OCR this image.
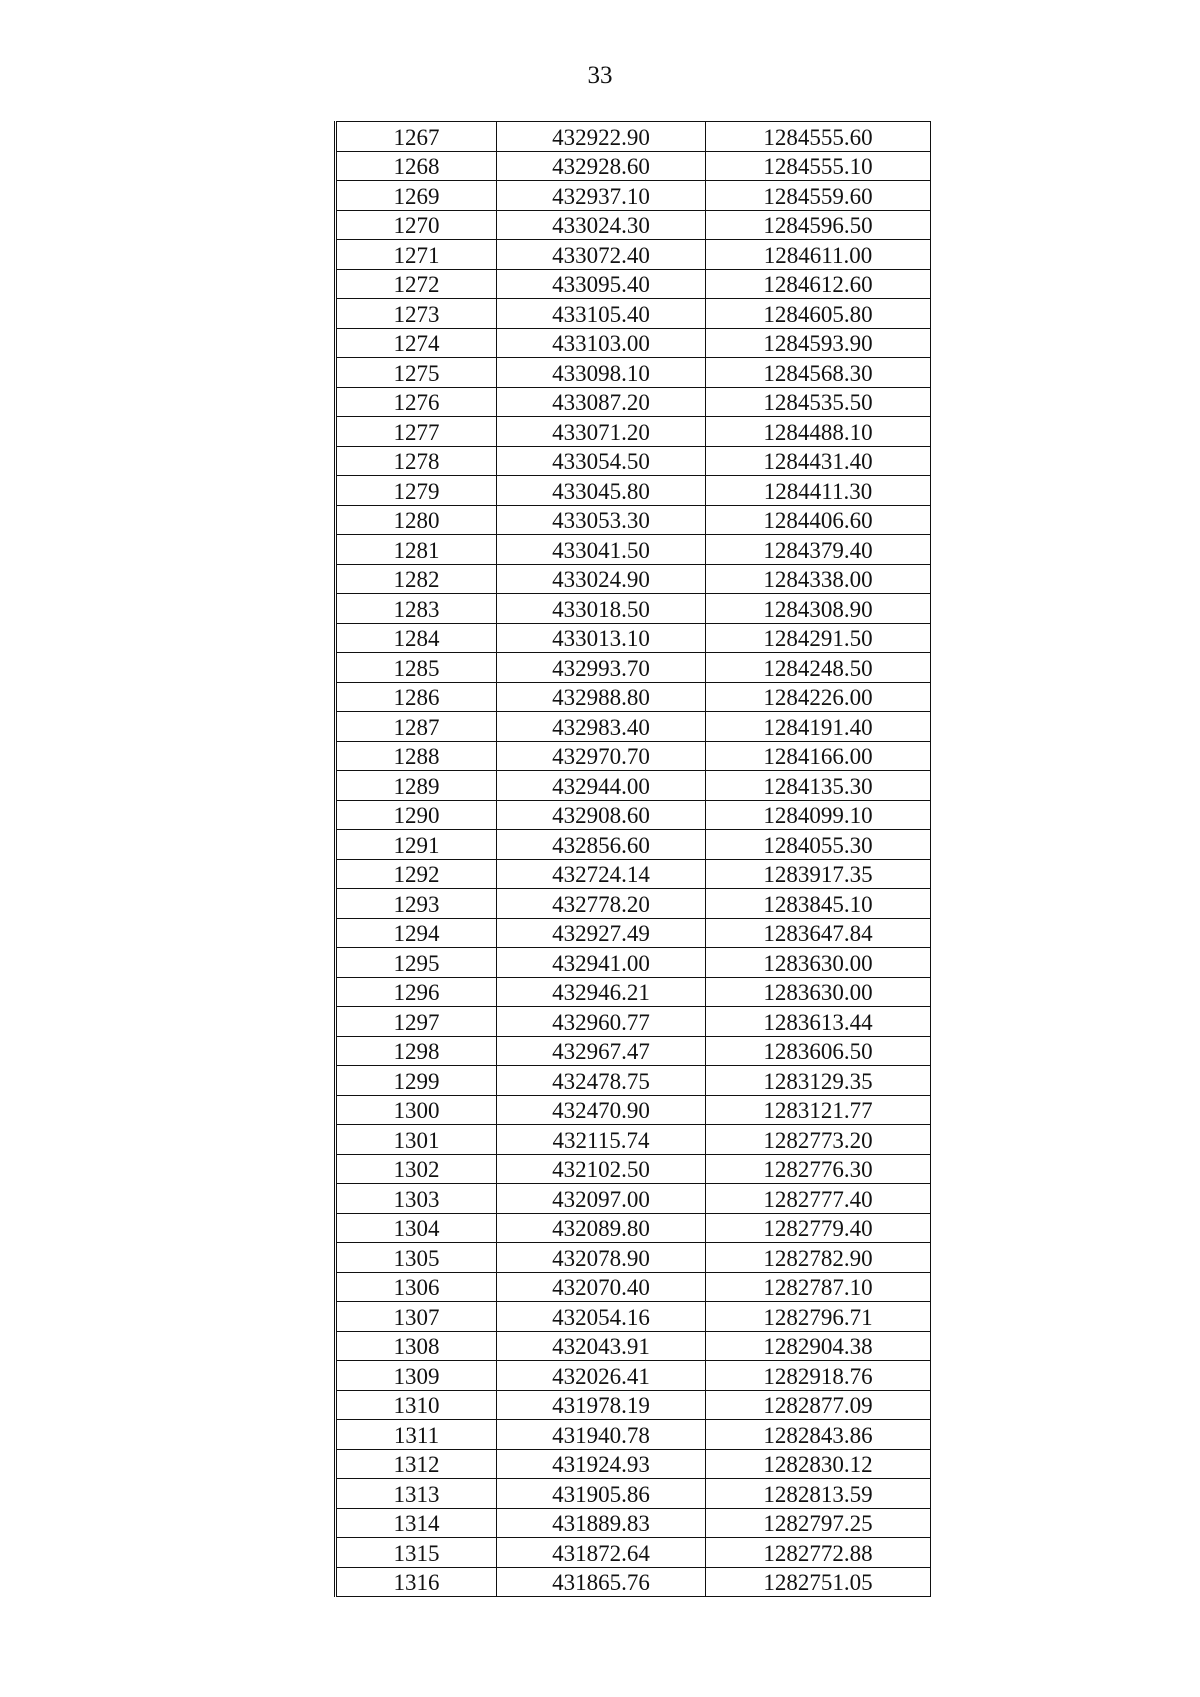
33
1267	432922.90	1284555.60
1268	432928.60	1284555.10
1269	432937.10	1284559.60
1270	433024.30	1284596.50
1271	433072.40	1284611.00
1272	433095.40	1284612.60
1273	433105.40	1284605.80
1274	433103.00	1284593.90
1275	433098.10	1284568.30
1276	433087.20	1284535.50
1277	433071.20	1284488.10
1278	433054.50	1284431.40
1279	433045.80	1284411.30
1280	433053.30	1284406.60
1281	433041.50	1284379.40
1282	433024.90	1284338.00
1283	433018.50	1284308.90
1284	433013.10	1284291.50
1285	432993.70	1284248.50
1286	432988.80	1284226.00
1287	432983.40	1284191.40
1288	432970.70	1284166.00
1289	432944.00	1284135.30
1290	432908.60	1284099.10
1291	432856.60	1284055.30
1292	432724.14	1283917.35
1293	432778.20	1283845.10
1294	432927.49	1283647.84
1295	432941.00	1283630.00
1296	432946.21	1283630.00
1297	432960.77	1283613.44
1298	432967.47	1283606.50
1299	432478.75	1283129.35
1300	432470.90	1283121.77
1301	432115.74	1282773.20
1302	432102.50	1282776.30
1303	432097.00	1282777.40
1304	432089.80	1282779.40
1305	432078.90	1282782.90
1306	432070.40	1282787.10
1307	432054.16	1282796.71
1308	432043.91	1282904.38
1309	432026.41	1282918.76
1310	431978.19	1282877.09
1311	431940.78	1282843.86
1312	431924.93	1282830.12
1313	431905.86	1282813.59
1314	431889.83	1282797.25
1315	431872.64	1282772.88
1316	431865.76	1282751.05
